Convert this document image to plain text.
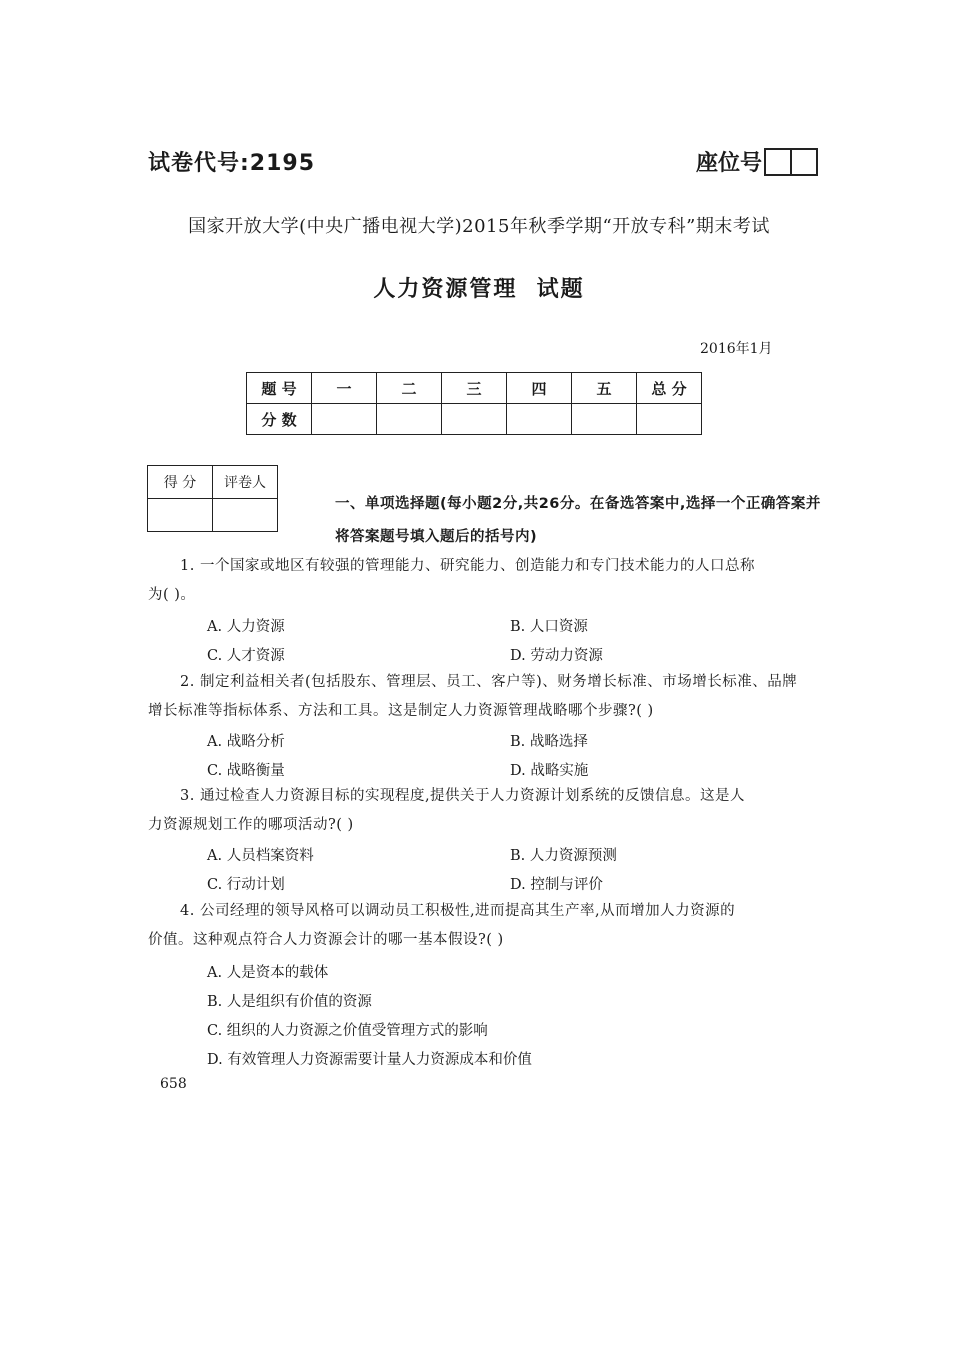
试卷代号:2195	座位号
国家开放大学(中央广播电视大学)2015年秋季学期“开放专科”期末考试
人力资源管理  试题
2016年1月
题 号	一	二	三	四	五	总 分
分 数						
得 分	评卷人

一、单项选择题(每小题2分,共26分。在备选答案中,选择一个正确答案并将答案题号填入题后的括号内)
1. 一个国家或地区有较强的管理能力、研究能力、创造能力和专门技术能力的人口总称
为( )。
A. 人力资源	B. 人口资源
C. 人才资源	D. 劳动力资源
2. 制定利益相关者(包括股东、管理层、员工、客户等)、财务增长标准、市场增长标准、品牌
增长标准等指标体系、方法和工具。这是制定人力资源管理战略哪个步骤?( )
A. 战略分析	B. 战略选择
C. 战略衡量	D. 战略实施
3. 通过检查人力资源目标的实现程度,提供关于人力资源计划系统的反馈信息。这是人
力资源规划工作的哪项活动?( )
A. 人员档案资料	B. 人力资源预测
C. 行动计划	D. 控制与评价
4. 公司经理的领导风格可以调动员工积极性,进而提高其生产率,从而增加人力资源的
价值。这种观点符合人力资源会计的哪一基本假设?( )
A. 人是资本的载体
B. 人是组织有价值的资源
C. 组织的人力资源之价值受管理方式的影响
D. 有效管理人力资源需要计量人力资源成本和价值
658
